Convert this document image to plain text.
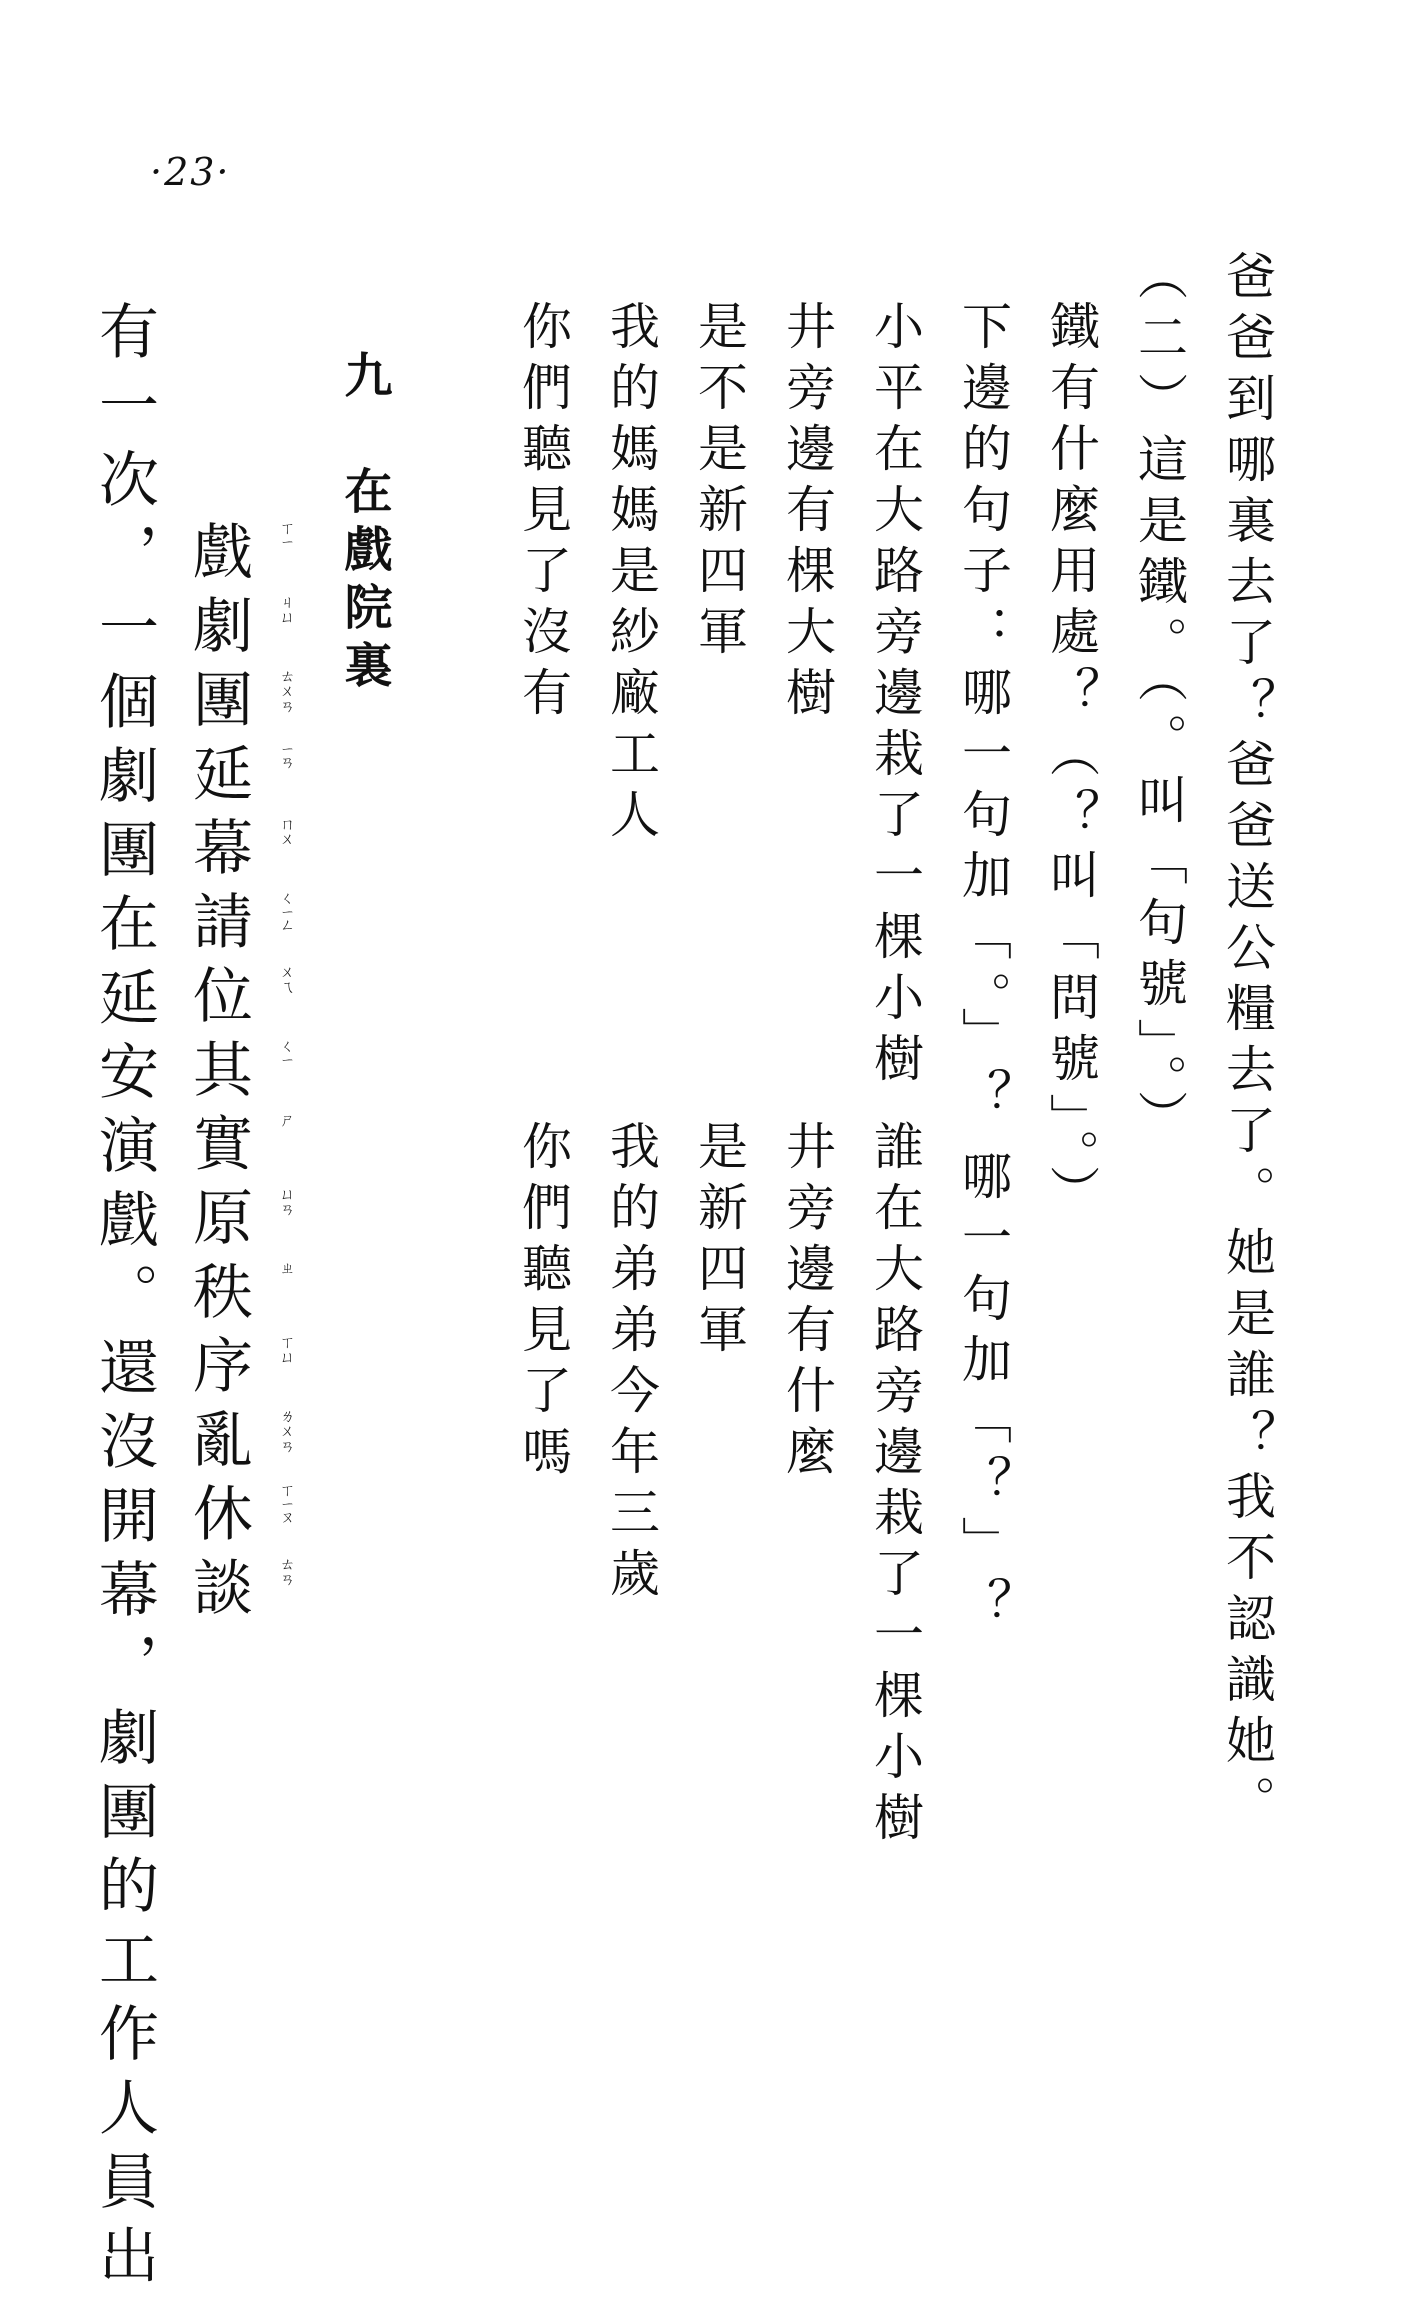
·23·
爸爸到哪裏去了？爸爸送公糧去了。她是誰？我不認識她。
（二）這是鐵。（。叫「句號」。）
鐵有什麼用處？（？叫「問號」。）
下邊的句子：哪一句加「。」？
小平在大路旁邊栽了一棵小樹
井旁邊有棵大樹
是不是新四軍
我的媽媽是紗廠工人
你們聽見了沒有
哪一句加「？」？
誰在大路旁邊栽了一棵小樹
井旁邊有什麼
是新四軍
我的弟弟今年三歲
你們聽見了嗎
九　在戲院裏
戲劇團延幕請位其實原秩序亂休談	ㄒㄧ
ㄐㄩ
ㄊㄨㄢ
ㄧㄢ
ㄇㄨ
ㄑㄧㄥ
ㄨㄟ
ㄑㄧ
ㄕ
ㄩㄢ
ㄓ
ㄒㄩ
ㄌㄨㄢ
ㄒㄧㄡ
ㄊㄢ
有一次，一個劇團在延安演戲。還沒開幕，劇團的工作人員出
